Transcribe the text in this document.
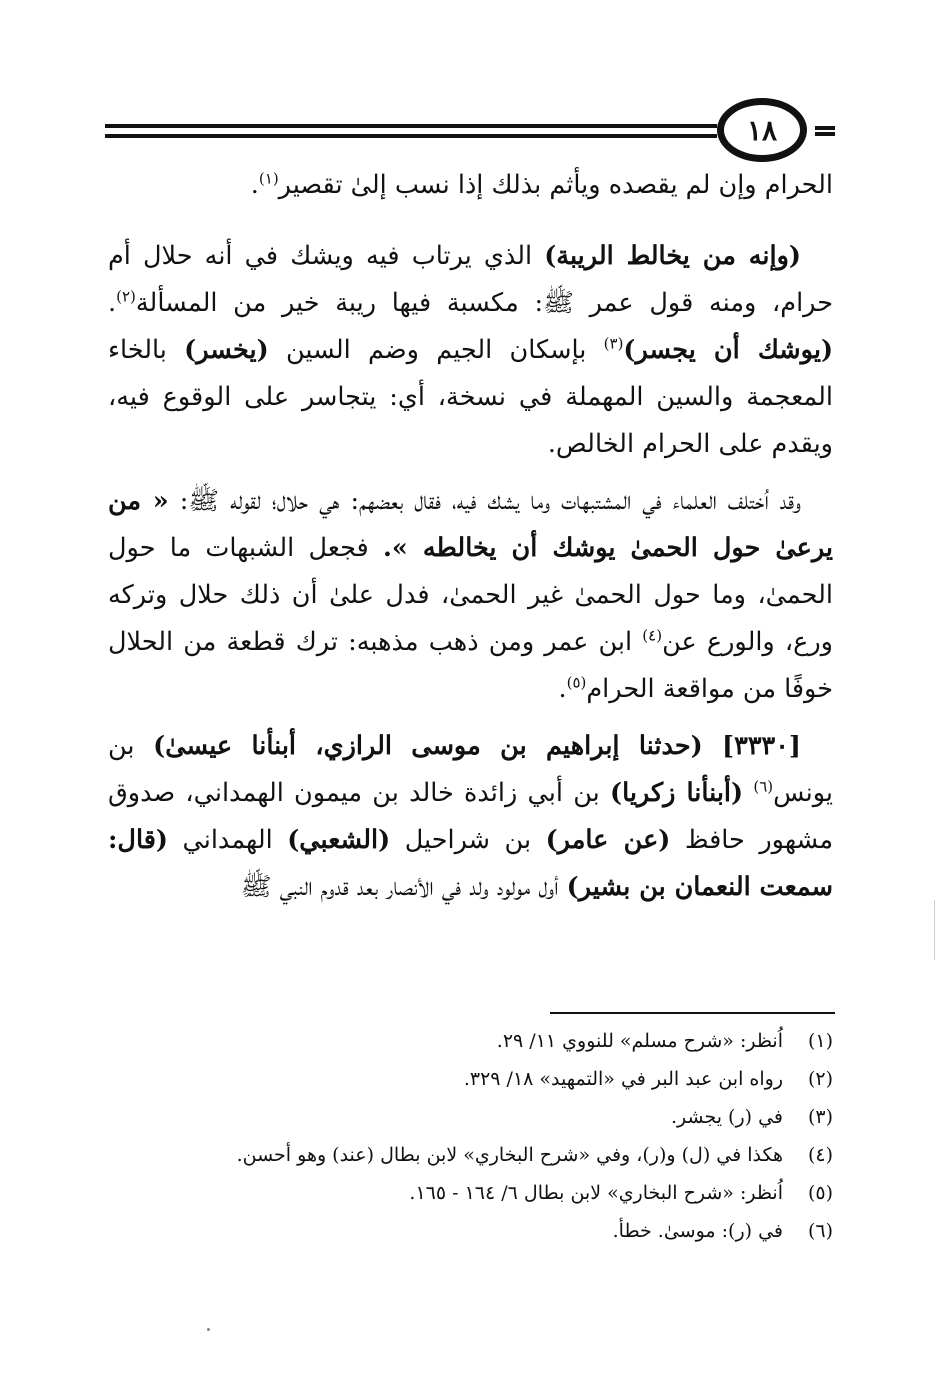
١٨

الحرام وإن لم يقصده ويأثم بذلك إذا نسب إلىٰ تقصير$^{(١)}$.

(وإنه من يخالط الريبة) الذي يرتاب فيه ويشك في أنه حلال أم حرام، ومنه قول عمر ﷺ: مكسبة فيها ريبة خير من المسألة$^{(٢)}$. (يوشك أن يجسر)$^{(٣)}$ بإسكان الجيم وضم السين (يخسر) بالخاء المعجمة والسين المهملة في نسخة، أي: يتجاسر على الوقوع فيه، ويقدم على الحرام الخالص.

وقد اُختلف العلماء في المشتبهات وما يشك فيه، فقال بعضهم: هي حلال؛ لقوله ﷺ: « من يرعىٰ حول الحمىٰ يوشك أن يخالطه ». فجعل الشبهات ما حول الحمىٰ، وما حول الحمىٰ غير الحمىٰ، فدل علىٰ أن ذلك حلال وتركه ورع، والورع عن$^{(٤)}$ ابن عمر ومن ذهب مذهبه: ترك قطعة من الحلال خوفًا من مواقعة الحرام$^{(٥)}$.

[٣٣٣٠] (حدثنا إبراهيم بن موسى الرازي، أبنأنا عيسىٰ) بن يونس$^{(٦)}$ (أبنأنا زكريا) بن أبي زائدة خالد بن ميمون الهمداني، صدوق مشهور حافظ (عن عامر) بن شراحيل (الشعبي) الهمداني (قال: سمعت النعمان بن بشير) أول مولود ولد في الأنصار بعد قدوم النبي ﷺ

(١)
اُنظر: «شرح مسلم» للنووي ١١/ ٢٩.
(٢)
رواه ابن عبد البر في «التمهيد» ١٨/ ٣٢٩.
(٣)
في (ر) يجشر.
(٤)
هكذا في (ل) و(ر)، وفي «شرح البخاري» لابن بطال (عند) وهو أحسن.
(٥)
اُنظر: «شرح البخاري» لابن بطال ٦/ ١٦٤ - ١٦٥.
(٦)
في (ر): موسىٰ. خطأ.
